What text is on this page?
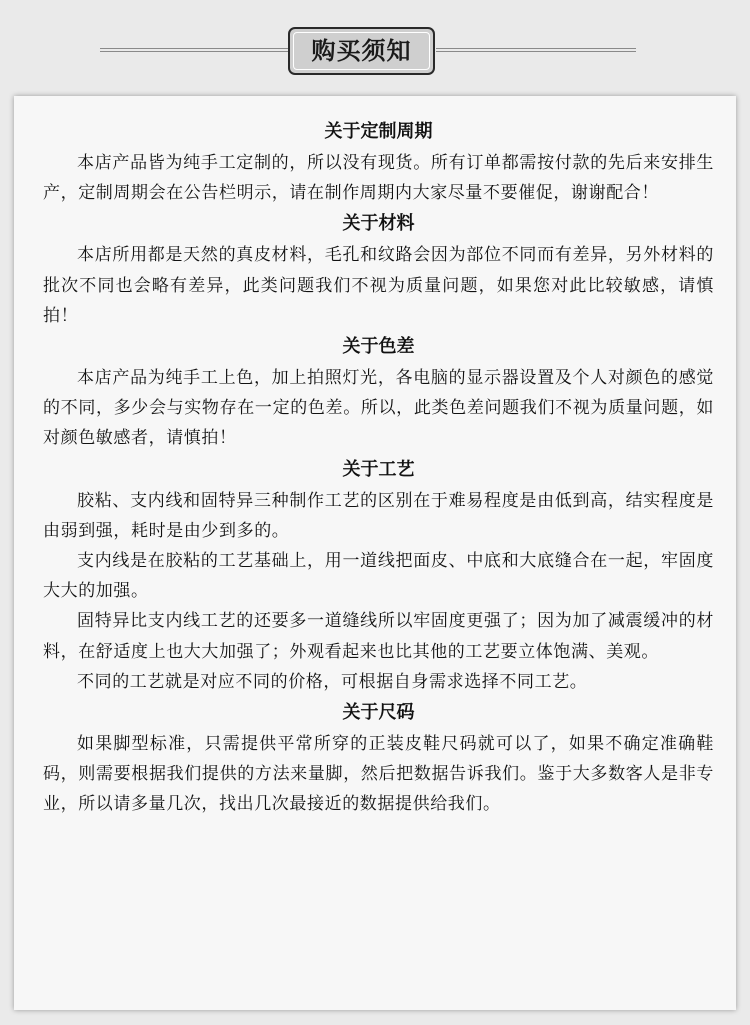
购买须知
关于定制周期

本店产品皆为纯手工定制的，所以没有现货。所有订单都需按付款的先后来安排生产，定制周期会在公告栏明示，请在制作周期内大家尽量不要催促，谢谢配合！

关于材料

本店所用都是天然的真皮材料，毛孔和纹路会因为部位不同而有差异，另外材料的批次不同也会略有差异，此类问题我们不视为质量问题，如果您对此比较敏感，请慎拍！

关于色差

本店产品为纯手工上色，加上拍照灯光，各电脑的显示器设置及个人对颜色的感觉的不同，多少会与实物存在一定的色差。所以，此类色差问题我们不视为质量问题，如对颜色敏感者，请慎拍！

关于工艺

胶粘、支内线和固特异三种制作工艺的区别在于难易程度是由低到高，结实程度是由弱到强，耗时是由少到多的。

支内线是在胶粘的工艺基础上，用一道线把面皮、中底和大底缝合在一起，牢固度大大的加强。

固特异比支内线工艺的还要多一道缝线所以牢固度更强了；因为加了减震缓冲的材料，在舒适度上也大大加强了；外观看起来也比其他的工艺要立体饱满、美观。

不同的工艺就是对应不同的价格，可根据自身需求选择不同工艺。

关于尺码

如果脚型标准，只需提供平常所穿的正装皮鞋尺码就可以了，如果不确定准确鞋码，则需要根据我们提供的方法来量脚，然后把数据告诉我们。鉴于大多数客人是非专业，所以请多量几次，找出几次最接近的数据提供给我们。
